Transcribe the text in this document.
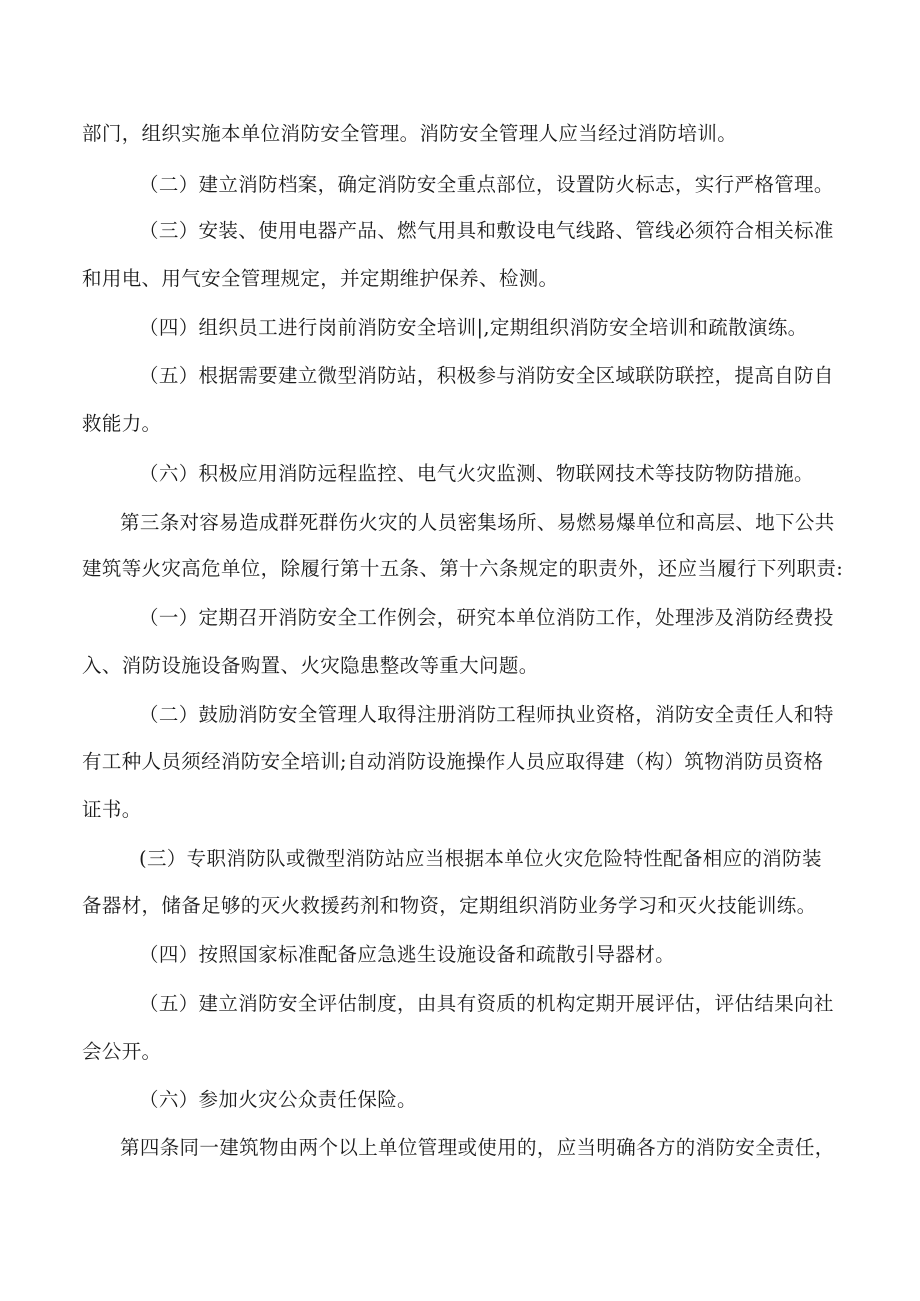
部门，组织实施本单位消防安全管理。消防安全管理人应当经过消防培训。
（二）建立消防档案，确定消防安全重点部位，设置防火标志，实行严格管理。
（三）安装、使用电器产品、燃气用具和敷设电气线路、管线必须符合相关标准
和用电、用气安全管理规定，并定期维护保养、检测。
（四）组织员工进行岗前消防安全培训|,定期组织消防安全培训和疏散演练。
（五）根据需要建立微型消防站，积极参与消防安全区域联防联控，提高自防自
救能力。
（六）积极应用消防远程监控、电气火灾监测、物联网技术等技防物防措施。
第三条对容易造成群死群伤火灾的人员密集场所、易燃易爆单位和高层、地下公共
建筑等火灾高危单位，除履行第十五条、第十六条规定的职责外，还应当履行下列职责:
（一）定期召开消防安全工作例会，研究本单位消防工作，处理涉及消防经费投
入、消防设施设备购置、火灾隐患整改等重大问题。
（二）鼓励消防安全管理人取得注册消防工程师执业资格，消防安全责任人和特
有工种人员须经消防安全培训;自动消防设施操作人员应取得建（构）筑物消防员资格
证书。
(三）专职消防队或微型消防站应当根据本单位火灾危险特性配备相应的消防装
备器材，储备足够的灭火救援药剂和物资，定期组织消防业务学习和灭火技能训练。
（四）按照国家标准配备应急逃生设施设备和疏散引导器材。
（五）建立消防安全评估制度，由具有资质的机构定期开展评估，评估结果向社
会公开。
（六）参加火灾公众责任保险。
第四条同一建筑物由两个以上单位管理或使用的，应当明确各方的消防安全责任，
